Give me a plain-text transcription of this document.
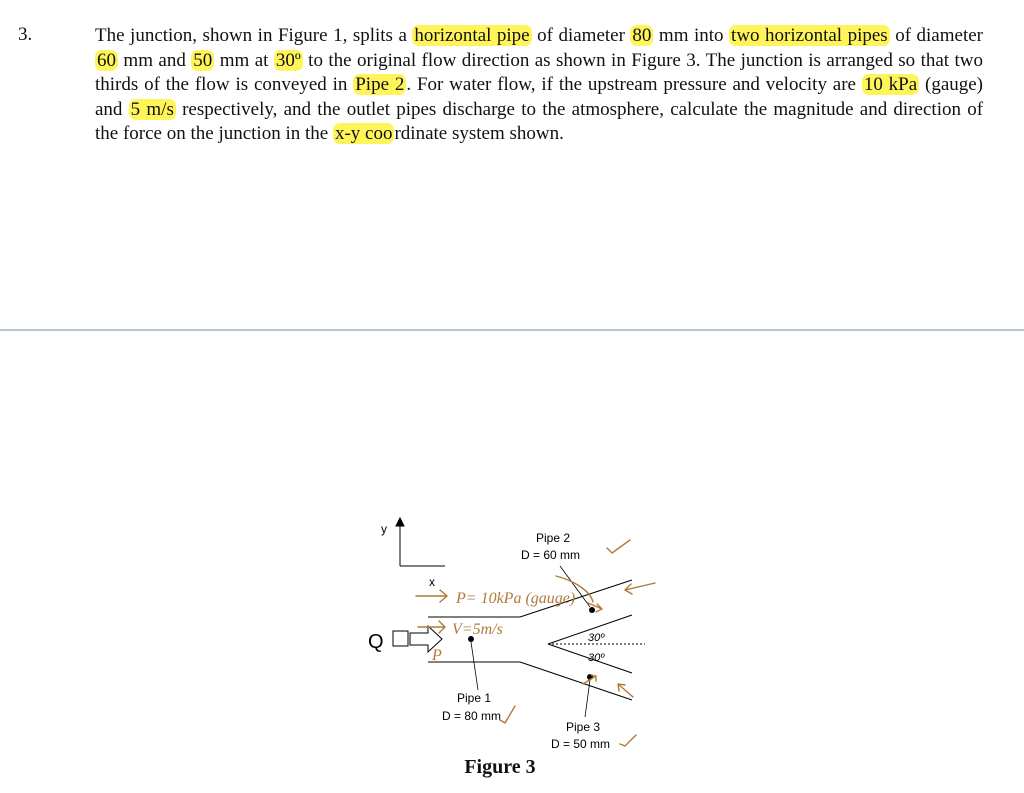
3.	The junction, shown in Figure 1, splits a horizontal pipe of diameter 80 mm into two horizontal pipes of diameter 60 mm and 50 mm at 30º to the original flow direction as shown in Figure 3. The junction is arranged so that two thirds of the flow is conveyed in Pipe 2 . For water flow, if the upstream pressure and velocity are 10 kPa (gauge) and 5 m/s respectively, and the outlet pipes discharge to the atmosphere, calculate the magnitude and direction of the force on the junction in the x-y coo rdinate system shown.
y
x
Q	30º
30º
Pipe 2
D = 60 mm
Pipe 1
D = 80 mm
Pipe 3
D = 50 mm
P= 10kPa (gauge)
V=5m/s
P
Figure 3
